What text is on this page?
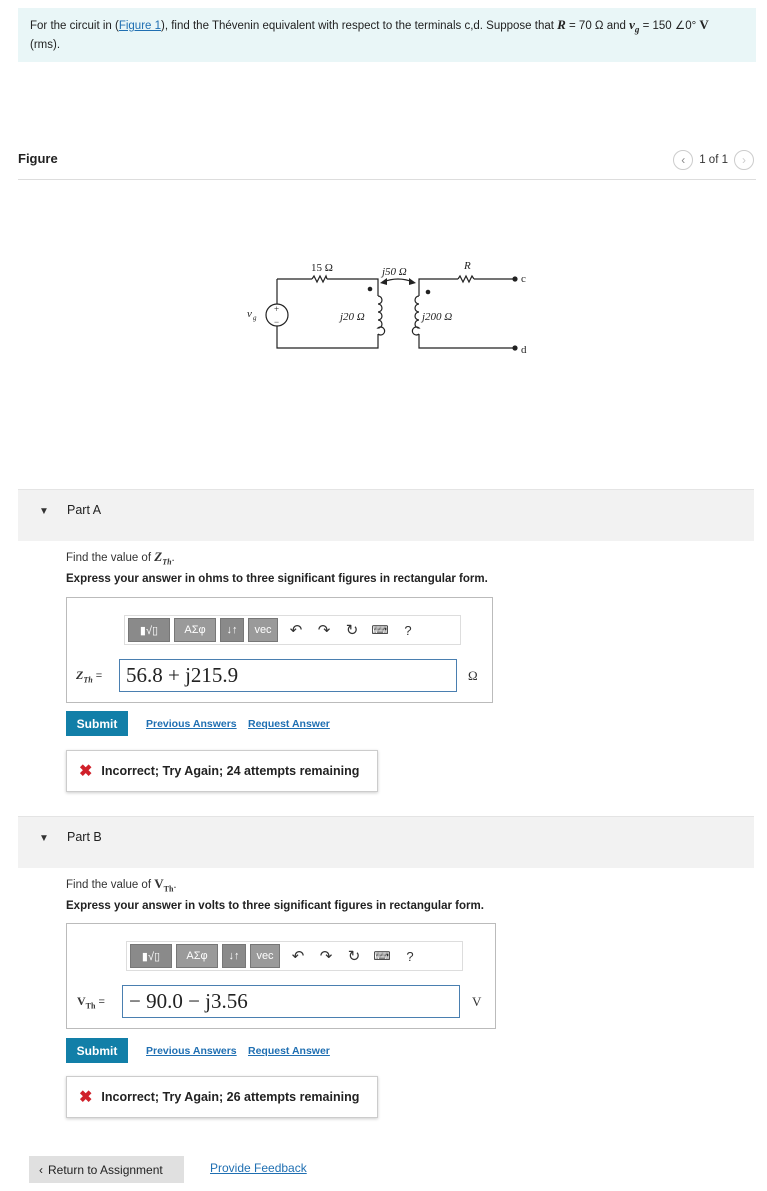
For the circuit in (Figure 1), find the Thévenin equivalent with respect to the terminals c,d. Suppose that R = 70 Ω and $v_g = 150$ ∠0° V
(rms).
Figure	‹	1 of 1	›
15 Ω	j50 Ω	R
c
d
j20 Ω	j200 Ω
v g
+
−
▼ Part A
Find the value of $Z_{Th}$.
Express your answer in ohms to three significant figures in rectangular form.
▮√▯	ΑΣφ	↓↑	vec	↶	↷	↻	⌨	?
$Z_{Th}$ =	56.8 + j215.9	Ω
Submit	Previous Answers Request Answer
✖ Incorrect; Try Again; 24 attempts remaining
▼ Part B
Find the value of $V_{Th}$.
Express your answer in volts to three significant figures in rectangular form.
▮√▯	ΑΣφ	↓↑	vec	↶	↷	↻	⌨	?
$V_{Th}$ =	− 90.0 − j3.56	V
Submit	Previous Answers Request Answer
✖ Incorrect; Try Again; 26 attempts remaining
‹ Return to Assignment	Provide Feedback
